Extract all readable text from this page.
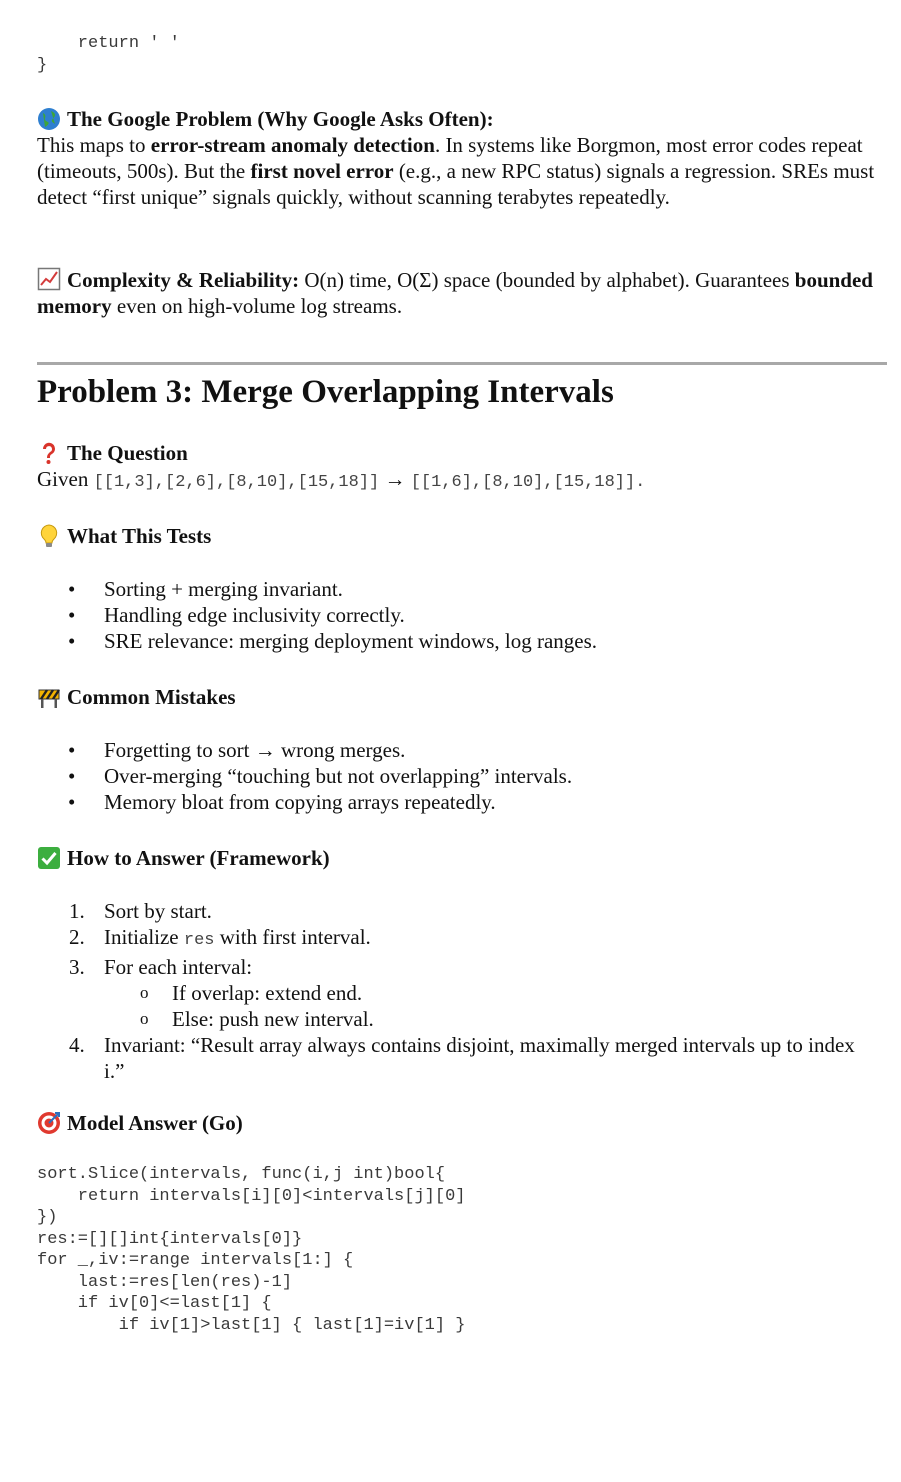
return ' '
}
The Google Problem (Why Google Asks Often):

This maps to error-stream anomaly detection. In systems like Borgmon, most error codes repeat (timeouts, 500s). But the first novel error (e.g., a new RPC status) signals a regression. SREs must detect “first unique” signals quickly, without scanning terabytes repeatedly.

Complexity & Reliability: O(n) time, O(Σ) space (bounded by alphabet). Guarantees bounded memory even on high-volume log streams.

Problem 3: Merge Overlapping Intervals
The Question

Given [[1,3],[2,6],[8,10],[15,18]] → [[1,6],[8,10],[15,18]].

What This Tests
• Sorting + merging invariant.
• Handling edge inclusivity correctly.
• SRE relevance: merging deployment windows, log ranges.
Common Mistakes
• Forgetting to sort → wrong merges.
• Over-merging “touching but not overlapping” intervals.
• Memory bloat from copying arrays repeatedly.
How to Answer (Framework)
1. Sort by start.
2. Initialize res with first interval.
3. For each interval:
o If overlap: extend end.
o Else: push new interval.
4. Invariant: “Result array always contains disjoint, maximally merged intervals up to index i.”
Model Answer (Go)
sort.Slice(intervals, func(i,j int)bool{
return intervals[i][0]<intervals[j][0]
})
res:=[][]int{intervals[0]}
for _,iv:=range intervals[1:] {
last:=res[len(res)-1]
if iv[0]<=last[1] {
if iv[1]>last[1] { last[1]=iv[1] }
